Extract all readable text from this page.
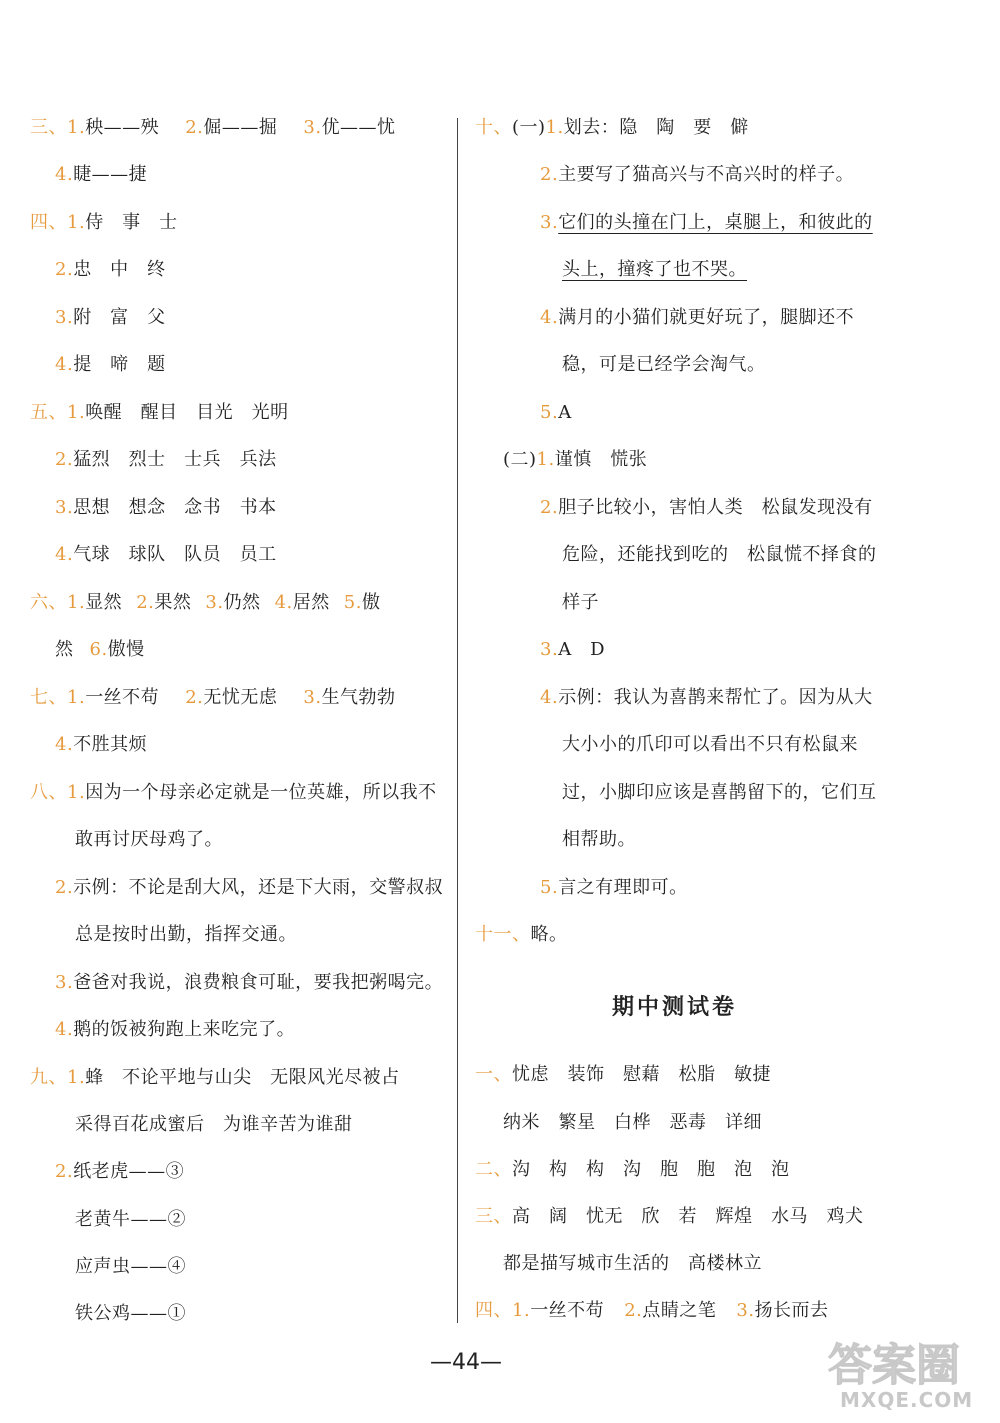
三、1.秧——殃 2.倔——掘 3.优——忧
4.睫——捷
四、1.侍　事　士
2.忠　中　终
3.附　富　父
4.提　啼　题
五、1.唤醒　醒目　目光　光明
2.猛烈　烈士　士兵　兵法
3.思想　想念　念书　书本
4.气球　球队　队员　员工
六、1.显然 2.果然 3.仍然 4.居然 5.傲
然 6.傲慢
七、1.一丝不苟 2.无忧无虑 3.生气勃勃
4.不胜其烦
八、1.因为一个母亲必定就是一位英雄，所以我不
敢再讨厌母鸡了。
2.示例：不论是刮大风，还是下大雨，交警叔叔
总是按时出勤，指挥交通。
3.爸爸对我说，浪费粮食可耻，要我把粥喝完。
4.鹅的饭被狗跑上来吃完了。
九、1.蜂　不论平地与山尖　无限风光尽被占
采得百花成蜜后　为谁辛苦为谁甜
2.纸老虎——③
老黄牛——②
应声虫——④
铁公鸡——①
十、(一)1.划去：隐　陶　要　僻
2.主要写了猫高兴与不高兴时的样子。
3.它们的头撞在门上，桌腿上，和彼此的
头上，撞疼了也不哭。
4.满月的小猫们就更好玩了，腿脚还不
稳，可是已经学会淘气。
5.A
(二)1.谨慎　慌张
2.胆子比较小，害怕人类　松鼠发现没有
危险，还能找到吃的　松鼠慌不择食的
样子
3.A　D
4.示例：我认为喜鹊来帮忙了。因为从大
大小小的爪印可以看出不只有松鼠来
过，小脚印应该是喜鹊留下的，它们互
相帮助。
5.言之有理即可。
十一、略。
期中测试卷
一、忧虑　装饰　慰藉　松脂　敏捷
纳米　繁星　白桦　恶毒　详细
二、沟　构　构　沟　胞　胞　泡　泡
三、高　阔　忧无　欣　若　辉煌　水马　鸡犬
都是描写城市生活的　高楼林立
四、1.一丝不苟 2.点睛之笔 3.扬长而去
—44—	答案圈
MXQE.COM
